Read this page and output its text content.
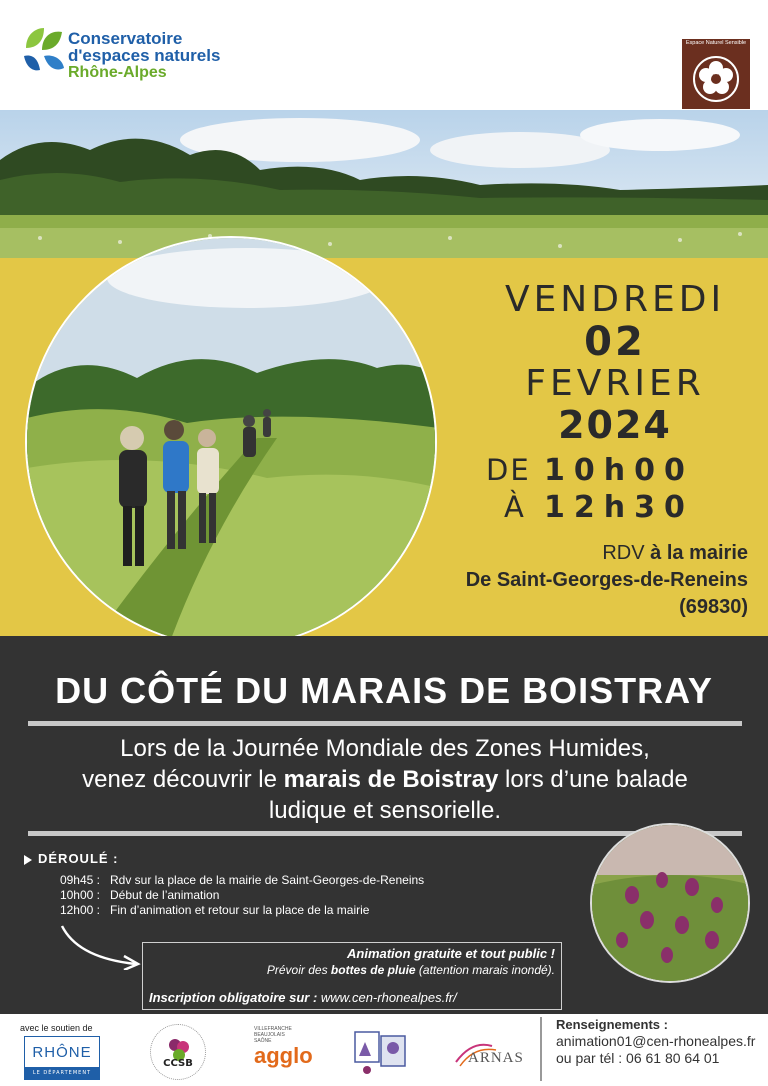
Conservatoire
d'espaces naturels
Rhône-Alpes
Espace Naturel Sensible
VENDREDI
02
FEVRIER
2024
DE 10h00
À 12h30
RDV à la mairie
De Saint-Georges-de-Reneins
(69830)
DU CÔTÉ DU MARAIS DE BOISTRAY
Lors de la Journée Mondiale des Zones Humides,
venez découvrir le marais de Boistray lors d’une balade
ludique et sensorielle.
DÉROULÉ :
09h45 : Rdv sur la place de la mairie de Saint-Georges-de-Reneins
10h00 : Début de l’animation
12h00 : Fin d’animation et retour sur la place de la mairie
Animation gratuite et tout public !
Prévoir des bottes de pluie (attention marais inondé).
Inscription obligatoire sur : www.cen-rhonealpes.fr/
avec le soutien de
RHÔNE
LE DÉPARTEMENT
CCSB
VILLEFRANCHE
BEAUJOLAIS
SAÔNE
agglo	ARNAS
Renseignements :
animation01@cen-rhonealpes.fr
ou par tél : 06 61 80 64 01
